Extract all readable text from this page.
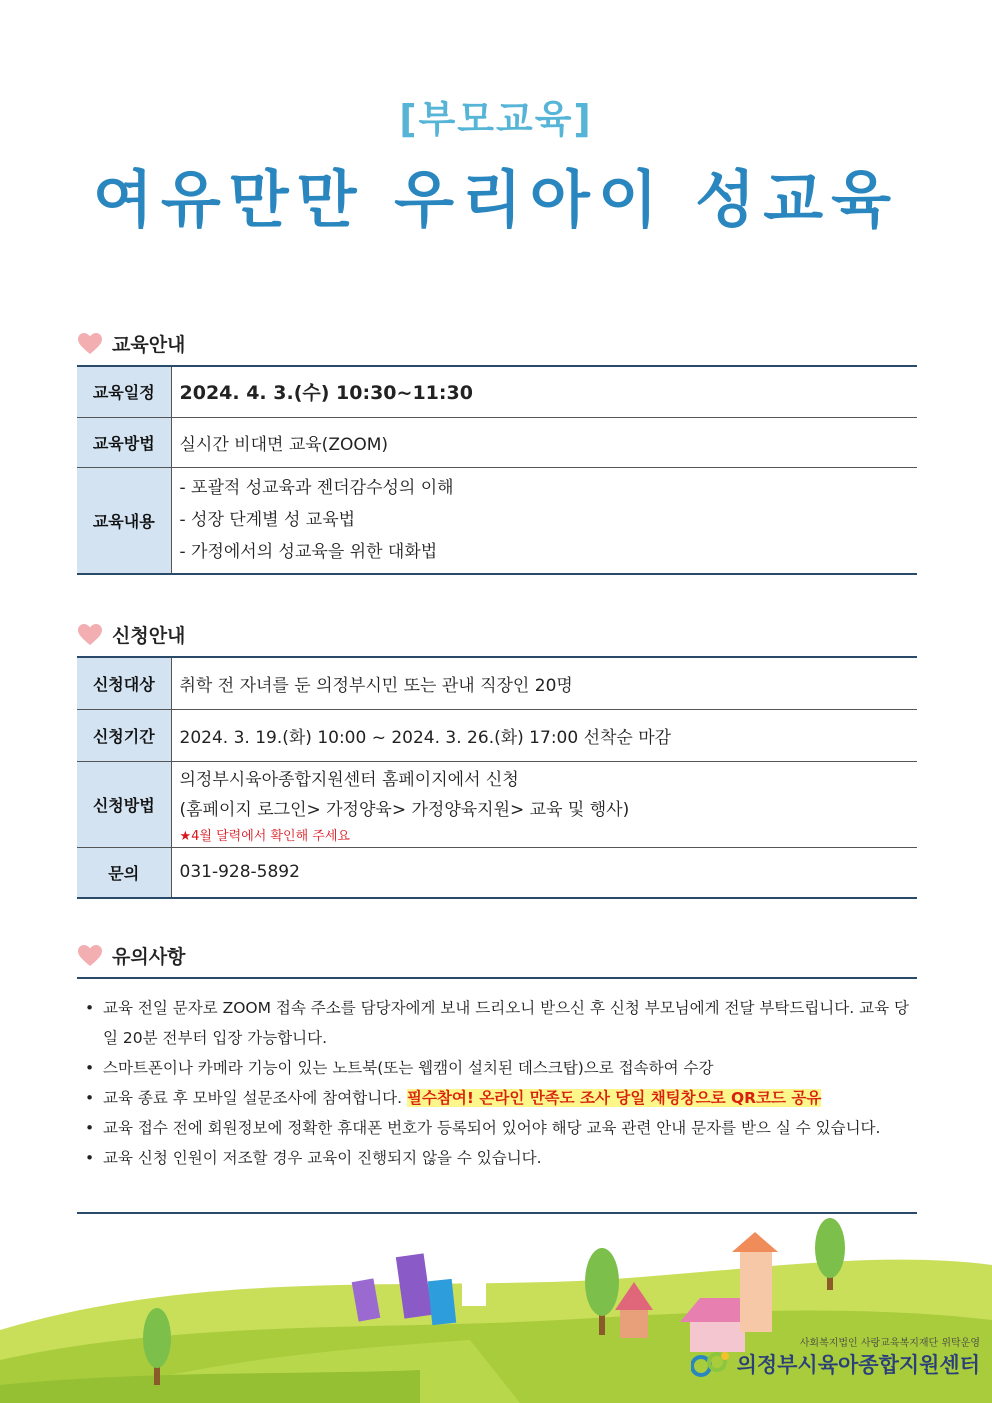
[부모교육]
여유만만 우리아이 성교육
교육안내
교육일정	2024. 4. 3.(수) 10:30~11:30
교육방법	실시간 비대면 교육(ZOOM)
교육내용	- 포괄적 성교육과 젠더감수성의 이해
- 성장 단계별 성 교육법
- 가정에서의 성교육을 위한 대화법
신청안내
신청대상	취학 전 자녀를 둔 의정부시민 또는 관내 직장인 20명
신청기간	2024. 3. 19.(화) 10:00 ~ 2024. 3. 26.(화) 17:00 선착순 마감
신청방법	의정부시육아종합지원센터 홈페이지에서 신청
(홈페이지 로그인> 가정양육> 가정양육지원> 교육 및 행사)
★4월 달력에서 확인해 주세요

문의	031-928-5892
유의사항
• 교육 전일 문자로 ZOOM 접속 주소를 담당자에게 보내 드리오니 받으신 후 신청 부모님에게 전달 부탁드립니다. 교육 당일 20분 전부터 입장 가능합니다.
• 스마트폰이나 카메라 기능이 있는 노트북(또는 웹캠이 설치된 데스크탑)으로 접속하여 수강
• 교육 종료 후 모바일 설문조사에 참여합니다. 필수참여! 온라인 만족도 조사 당일 채팅창으로 QR코드 공유
• 교육 접수 전에 회원정보에 정확한 휴대폰 번호가 등록되어 있어야 해당 교육 관련 안내 문자를 받으 실 수 있습니다.
• 교육 신청 인원이 저조할 경우 교육이 진행되지 않을 수 있습니다.
사회복지법인 사랑교육복지재단 위탁운영
의정부시육아종합지원센터
